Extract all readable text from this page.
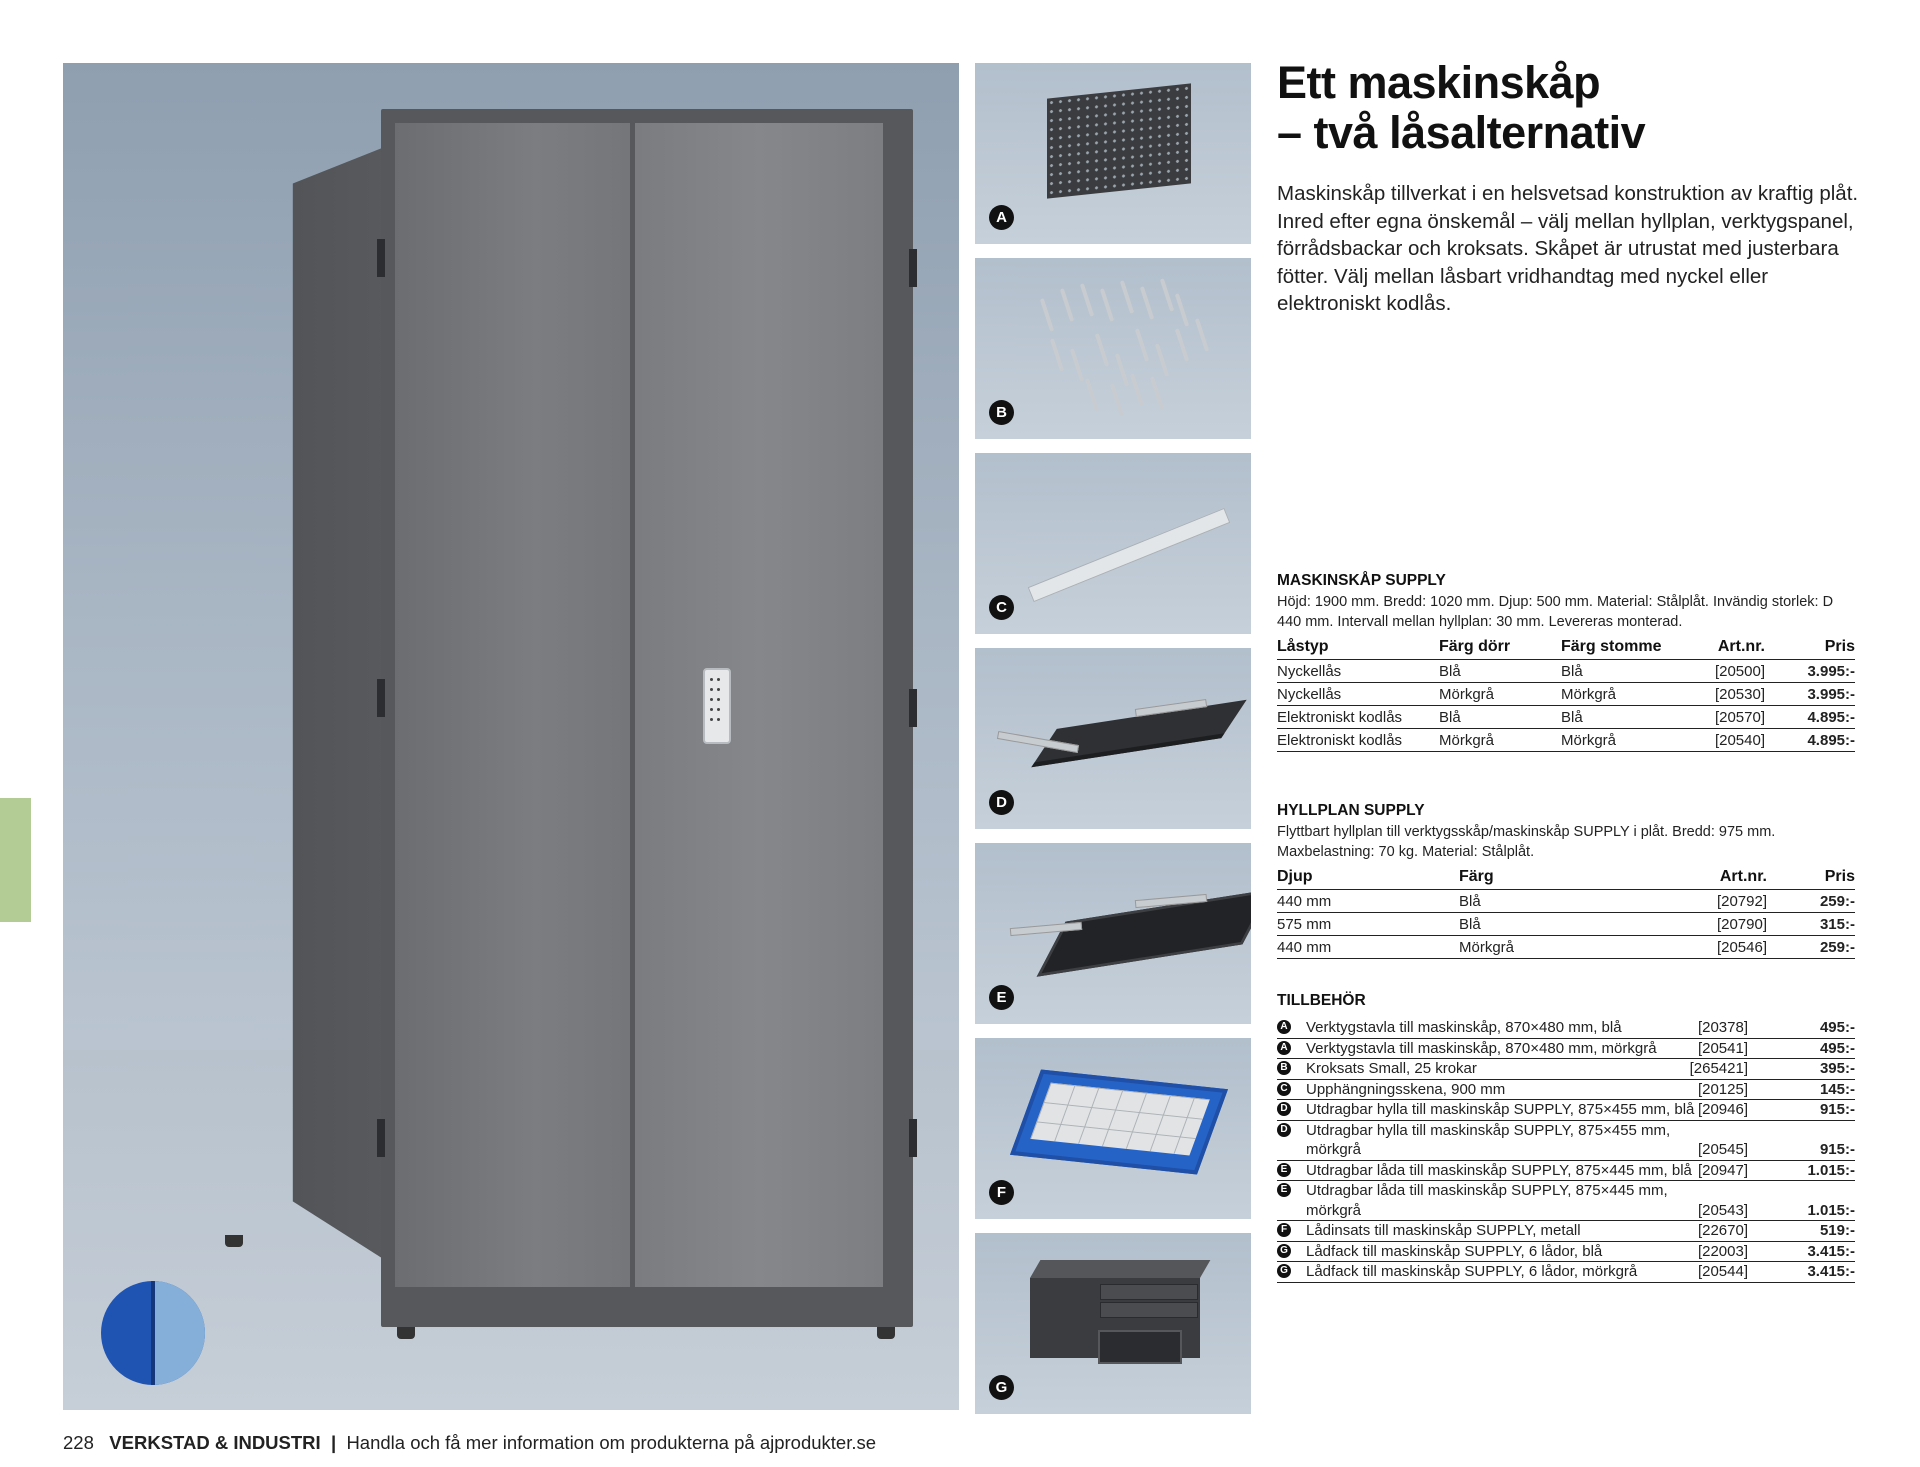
A
B
C
D
E
F
G
Ett maskinskåp
– två låsalternativ
Maskinskåp tillverkat i en helsvetsad konstruktion av kraftig plåt. Inred efter egna önskemål – välj mellan hyllplan, verktygspanel, förrådsbackar och kroksats. Skåpet är utrustat med justerbara fötter. Välj mellan låsbart vridhandtag med nyckel eller elektroniskt kodlås.
MASKINSKÅP SUPPLY
Höjd: 1900 mm. Bredd: 1020 mm. Djup: 500 mm. Material: Stålplåt. Invändig storlek: D 440 mm. Intervall mellan hyllplan: 30 mm. Levereras monterad.
Låstyp	Färg dörr	Färg stomme	Art.nr.	Pris
Nyckellås	Blå	Blå	[20500]	3.995:-
Nyckellås	Mörkgrå	Mörkgrå	[20530]	3.995:-
Elektroniskt kodlås	Blå	Blå	[20570]	4.895:-
Elektroniskt kodlås	Mörkgrå	Mörkgrå	[20540]	4.895:-
HYLLPLAN SUPPLY
Flyttbart hyllplan till verktygsskåp/maskinskåp SUPPLY i plåt. Bredd: 975 mm. Maxbelastning: 70 kg. Material: Stålplåt.
Djup	Färg	Art.nr.	Pris
440 mm	Blå	[20792]	259:-
575 mm	Blå	[20790]	315:-
440 mm	Mörkgrå	[20546]	259:-
TILLBEHÖR
A Verktygstavla till maskinskåp, 870×480 mm, blå	[20378]	495:-
A Verktygstavla till maskinskåp, 870×480 mm, mörkgrå	[20541]	495:-
B Kroksats Small, 25 krokar	[265421]	395:-
C Upphängningsskena, 900 mm	[20125]	145:-
D Utdragbar hylla till maskinskåp SUPPLY, 875×455 mm, blå [20946]	915:-
D Utdragbar hylla till maskinskåp SUPPLY, 875×455 mm, mörkgrå	[20545]	915:-
E Utdragbar låda till maskinskåp SUPPLY, 875×445 mm, blå [20947]	1.015:-
E Utdragbar låda till maskinskåp SUPPLY, 875×445 mm, mörkgrå	[20543]	1.015:-
F Lådinsats till maskinskåp SUPPLY, metall	[22670]	519:-
G Lådfack till maskinskåp SUPPLY, 6 lådor, blå	[22003]	3.415:-
G Lådfack till maskinskåp SUPPLY, 6 lådor, mörkgrå	[20544]	3.415:-
228 VERKSTAD & INDUSTRI | Handla och få mer information om produkterna på ajprodukter.se
